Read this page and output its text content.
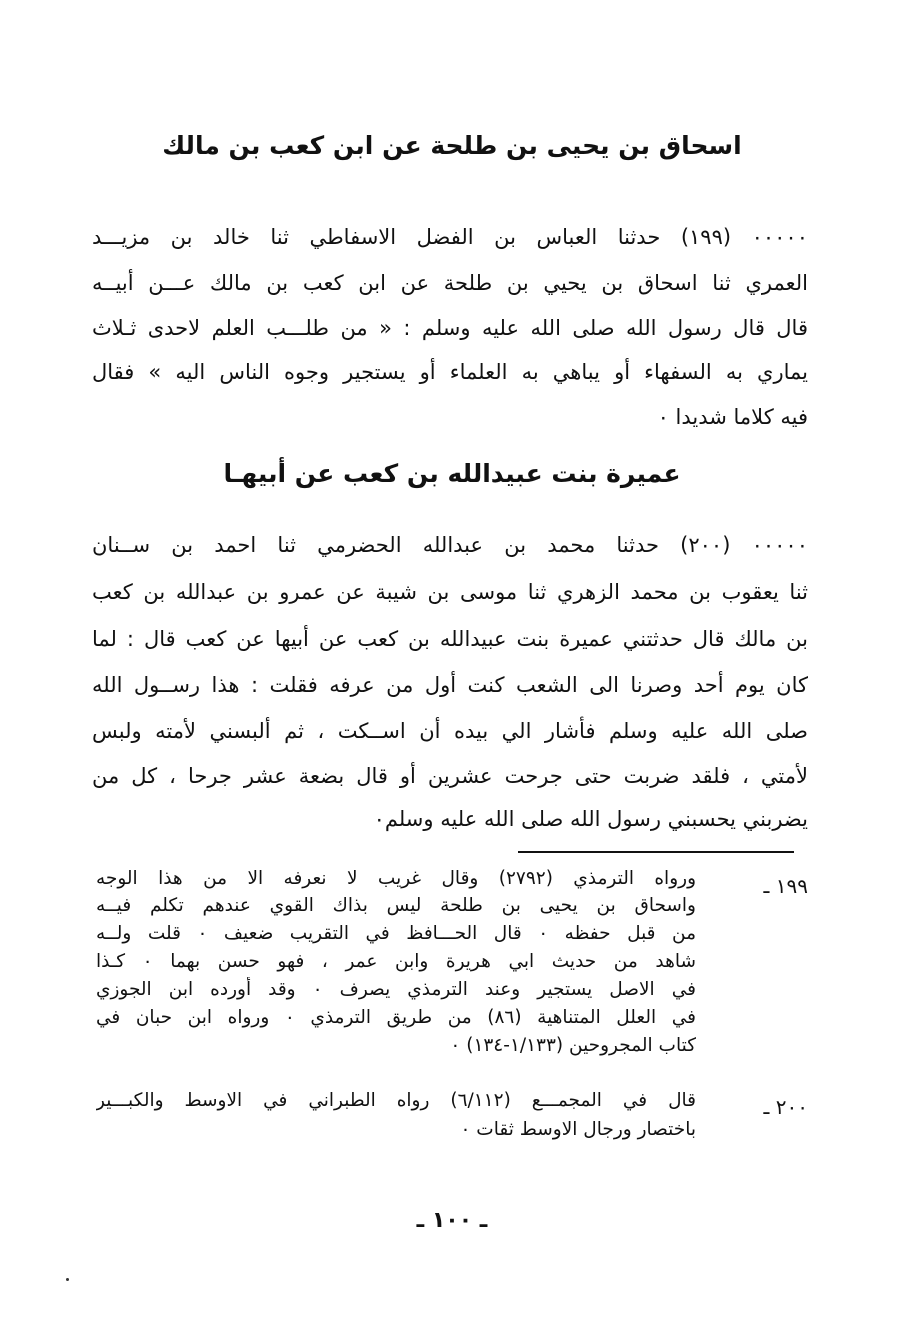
اسحاق بن يحيى بن طلحة عن ابن كعب بن مالك
٠٠٠٠٠ (١٩٩) حدثنا العباس بن الفضل الاسفاطي ثنا خالد بن مزيـــد
العمري ثنا اسحاق بن يحيي بن طلحة عن ابن كعب بن مالك عـــن أبيــه
قال قال رسول الله صلى الله عليه وسلم : « من طلـــب العلم لاحدى ثـلاث
يماري به السفهاء أو يباهي به العلماء أو يستجير وجوه الناس اليه » فقال
فيه كلاما شديدا ٠
عميرة بنت عبيدالله بن كعب عن أبيهـا
٠٠٠٠٠ (٢٠٠) حدثنا محمد بن عبدالله الحضرمي ثنا احمد بن ســنان
ثنا يعقوب بن محمد الزهري ثنا موسى بن شيبة عن عمرو بن عبدالله بن كعب
بن مالك قال حدثتني عميرة بنت عبيدالله بن كعب عن أبيها عن كعب قال : لما
كان يوم أحد وصرنا الى الشعب كنت أول من عرفه فقلت : هذا رســول الله
صلى الله عليه وسلم فأشار الي بيده أن اســكت ، ثم ألبسني لأمته ولبس
لأمتي ، فلقد ضربت حتى جرحت عشرين أو قال بضعة عشر جرحا ، كل من
يضربني يحسبني رسول الله صلى الله عليه وسلم٠
١٩٩ ـ
ورواه الترمذي (٢٧٩٢) وقال غريب لا نعرفه الا من هذا الوجه
واسحاق بن يحيى بن طلحة ليس بذاك القوي عندهم تكلم فيــه
من قبل حفظه ٠ قال الحـــافظ في التقريب ضعيف ٠ قلت ولــه
شاهد من حديث ابي هريرة وابن عمر ، فهو حسن بهما ٠ كـذا
في الاصل يستجير وعند الترمذي يصرف ٠ وقد أورده ابن الجوزي
في العلل المتناهية (٨٦) من طريق الترمذي ٠ ورواه ابن حبان في
كتاب المجروحين (١/١٣٣-١٣٤) ٠
٢٠٠ ـ
قال في المجمـــع (٦/١١٢) رواه الطبراني في الاوسط والكبـــير
باختصار ورجال الاوسط ثقات ٠
ـ ١٠٠ ـ
